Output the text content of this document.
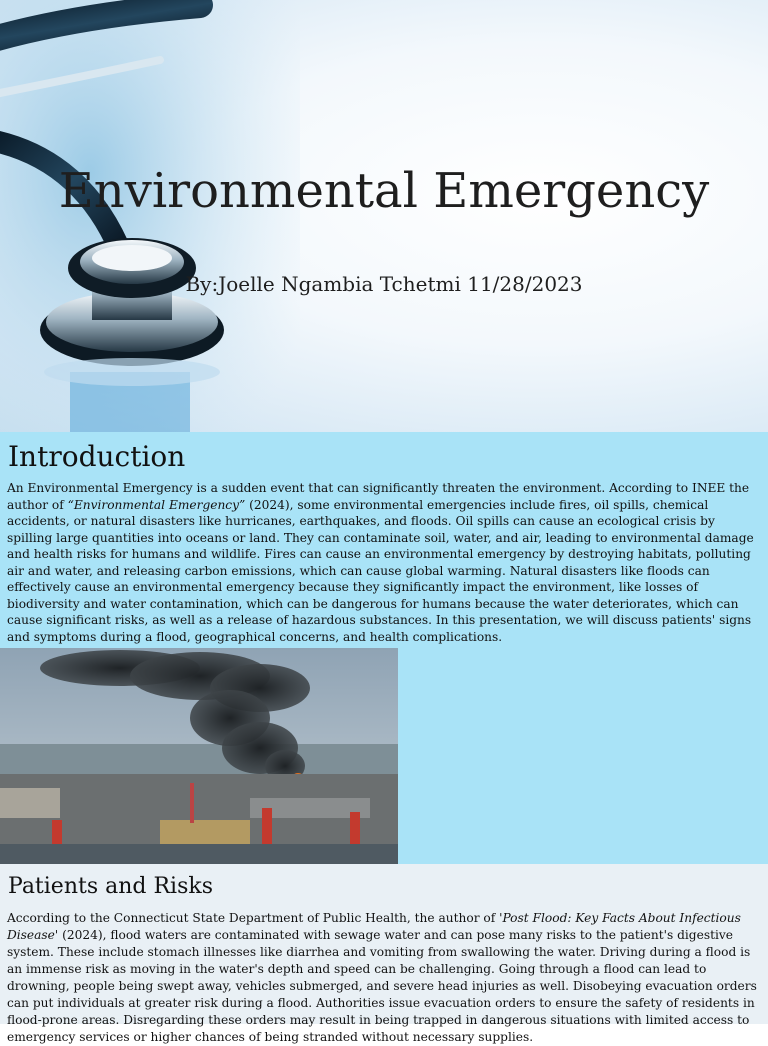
Environmental Emergency
By:Joelle Ngambia Tchetmi 11/28/2023
Introduction

An Environmental Emergency is a sudden event that can significantly threaten the environment. According to INEE the author of “Environmental Emergency” (2024), some environmental emergencies include fires, oil spills, chemical accidents, or natural disasters like hurricanes, earthquakes, and floods. Oil spills can cause an ecological crisis by spilling large quantities into oceans or land. They can contaminate soil, water, and air, leading to environmental damage and health risks for humans and wildlife. Fires can cause an environmental emergency by destroying habitats, polluting air and water, and releasing carbon emissions, which can cause global warming. Natural disasters like floods can effectively cause an environmental emergency because they significantly impact the environment, like losses of biodiversity and water contamination, which can be dangerous for humans because the water deteriorates, which can cause significant risks, as well as a release of hazardous substances. In this presentation, we will discuss patients' signs and symptoms during a flood, geographical concerns, and health complications.

Patients and Risks

According to the Connecticut State Department of Public Health, the author of 'Post Flood: Key Facts About Infectious Disease' (2024), flood waters are contaminated with sewage water and can pose many risks to the patient's digestive system. These include stomach illnesses like diarrhea and vomiting from swallowing the water. Driving during a flood is an immense risk as moving in the water's depth and speed can be challenging. Going through a flood can lead to drowning, people being swept away, vehicles submerged, and severe head injuries as well. Disobeying evacuation orders can put individuals at greater risk during a flood. Authorities issue evacuation orders to ensure the safety of residents in flood-prone areas. Disregarding these orders may result in being trapped in dangerous situations with limited access to emergency services or higher chances of being stranded without necessary supplies.
